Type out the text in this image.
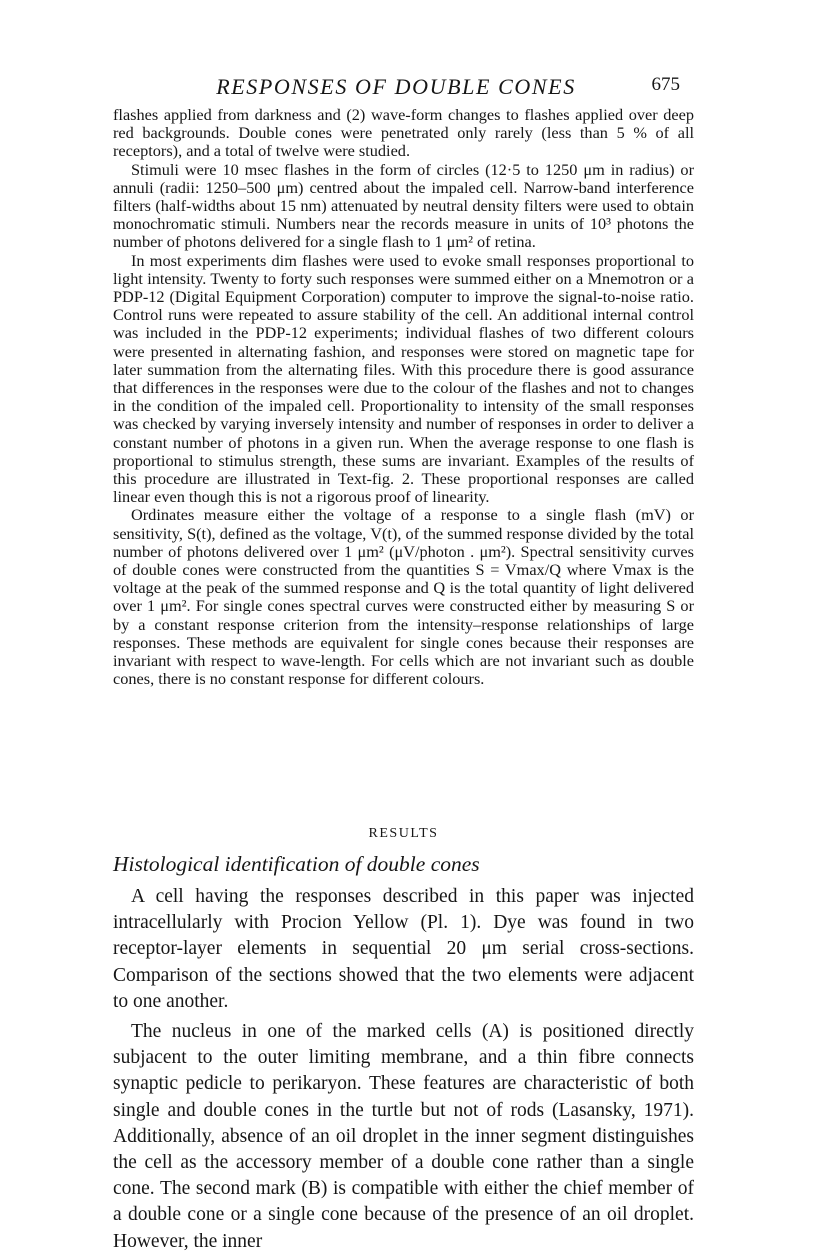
RESPONSES OF DOUBLE CONES	675

flashes applied from darkness and (2) wave-form changes to flashes applied over deep red backgrounds. Double cones were penetrated only rarely (less than 5 % of all receptors), and a total of twelve were studied.

Stimuli were 10 msec flashes in the form of circles (12·5 to 1250 μm in radius) or annuli (radii: 1250–500 μm) centred about the impaled cell. Narrow-band interference filters (half-widths about 15 nm) attenuated by neutral density filters were used to obtain monochromatic stimuli. Numbers near the records measure in units of 10³ photons the number of photons delivered for a single flash to 1 μm² of retina.

In most experiments dim flashes were used to evoke small responses proportional to light intensity. Twenty to forty such responses were summed either on a Mnemotron or a PDP-12 (Digital Equipment Corporation) computer to improve the signal-to-noise ratio. Control runs were repeated to assure stability of the cell. An additional internal control was included in the PDP-12 experiments; individual flashes of two different colours were presented in alternating fashion, and responses were stored on magnetic tape for later summation from the alternating files. With this procedure there is good assurance that differences in the responses were due to the colour of the flashes and not to changes in the condition of the impaled cell. Proportionality to intensity of the small responses was checked by varying inversely intensity and number of responses in order to deliver a constant number of photons in a given run. When the average response to one flash is proportional to stimulus strength, these sums are invariant. Examples of the results of this procedure are illustrated in Text-fig. 2. These proportional responses are called linear even though this is not a rigorous proof of linearity.

Ordinates measure either the voltage of a response to a single flash (mV) or sensitivity, S(t), defined as the voltage, V(t), of the summed response divided by the total number of photons delivered over 1 μm² (μV/photon . μm²). Spectral sensitivity curves of double cones were constructed from the quantities S = Vmax/Q where Vmax is the voltage at the peak of the summed response and Q is the total quantity of light delivered over 1 μm². For single cones spectral curves were constructed either by measuring S or by a constant response criterion from the intensity–response relationships of large responses. These methods are equivalent for single cones because their responses are invariant with respect to wave-length. For cells which are not invariant such as double cones, there is no constant response for different colours.

RESULTS
Histological identification of double cones

A cell having the responses described in this paper was injected intracellularly with Procion Yellow (Pl. 1). Dye was found in two receptor-layer elements in sequential 20 μm serial cross-sections. Comparison of the sections showed that the two elements were adjacent to one another.

The nucleus in one of the marked cells (A) is positioned directly subjacent to the outer limiting membrane, and a thin fibre connects synaptic pedicle to perikaryon. These features are characteristic of both single and double cones in the turtle but not of rods (Lasansky, 1971). Additionally, absence of an oil droplet in the inner segment distinguishes the cell as the accessory member of a double cone rather than a single cone. The second mark (B) is compatible with either the chief member of a double cone or a single cone because of the presence of an oil droplet. However, the inner
